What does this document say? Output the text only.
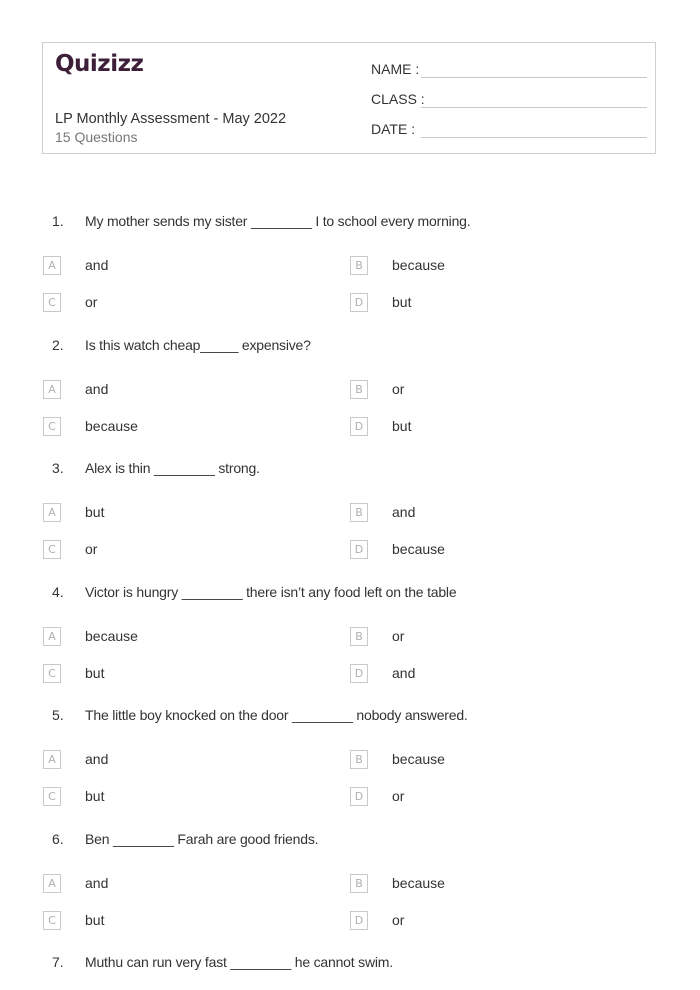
Quizizz
LP Monthly Assessment - May 2022
15 Questions
NAME :
CLASS :
DATE :
1. My mother sends my sister ________ I to school every morning.
A	and	B	because
C	or	D	but
2. Is this watch cheap_____ expensive?
A	and	B	or
C	because	D	but
3. Alex is thin ________ strong.
A	but	B	and
C	or	D	because
4. Victor is hungry ________ there isn’t any food left on the table
A	because	B	or
C	but	D	and
5. The little boy knocked on the door ________ nobody answered.
A	and	B	because
C	but	D	or
6. Ben ________ Farah are good friends.
A	and	B	because
C	but	D	or
7. Muthu can run very fast ________ he cannot swim.
